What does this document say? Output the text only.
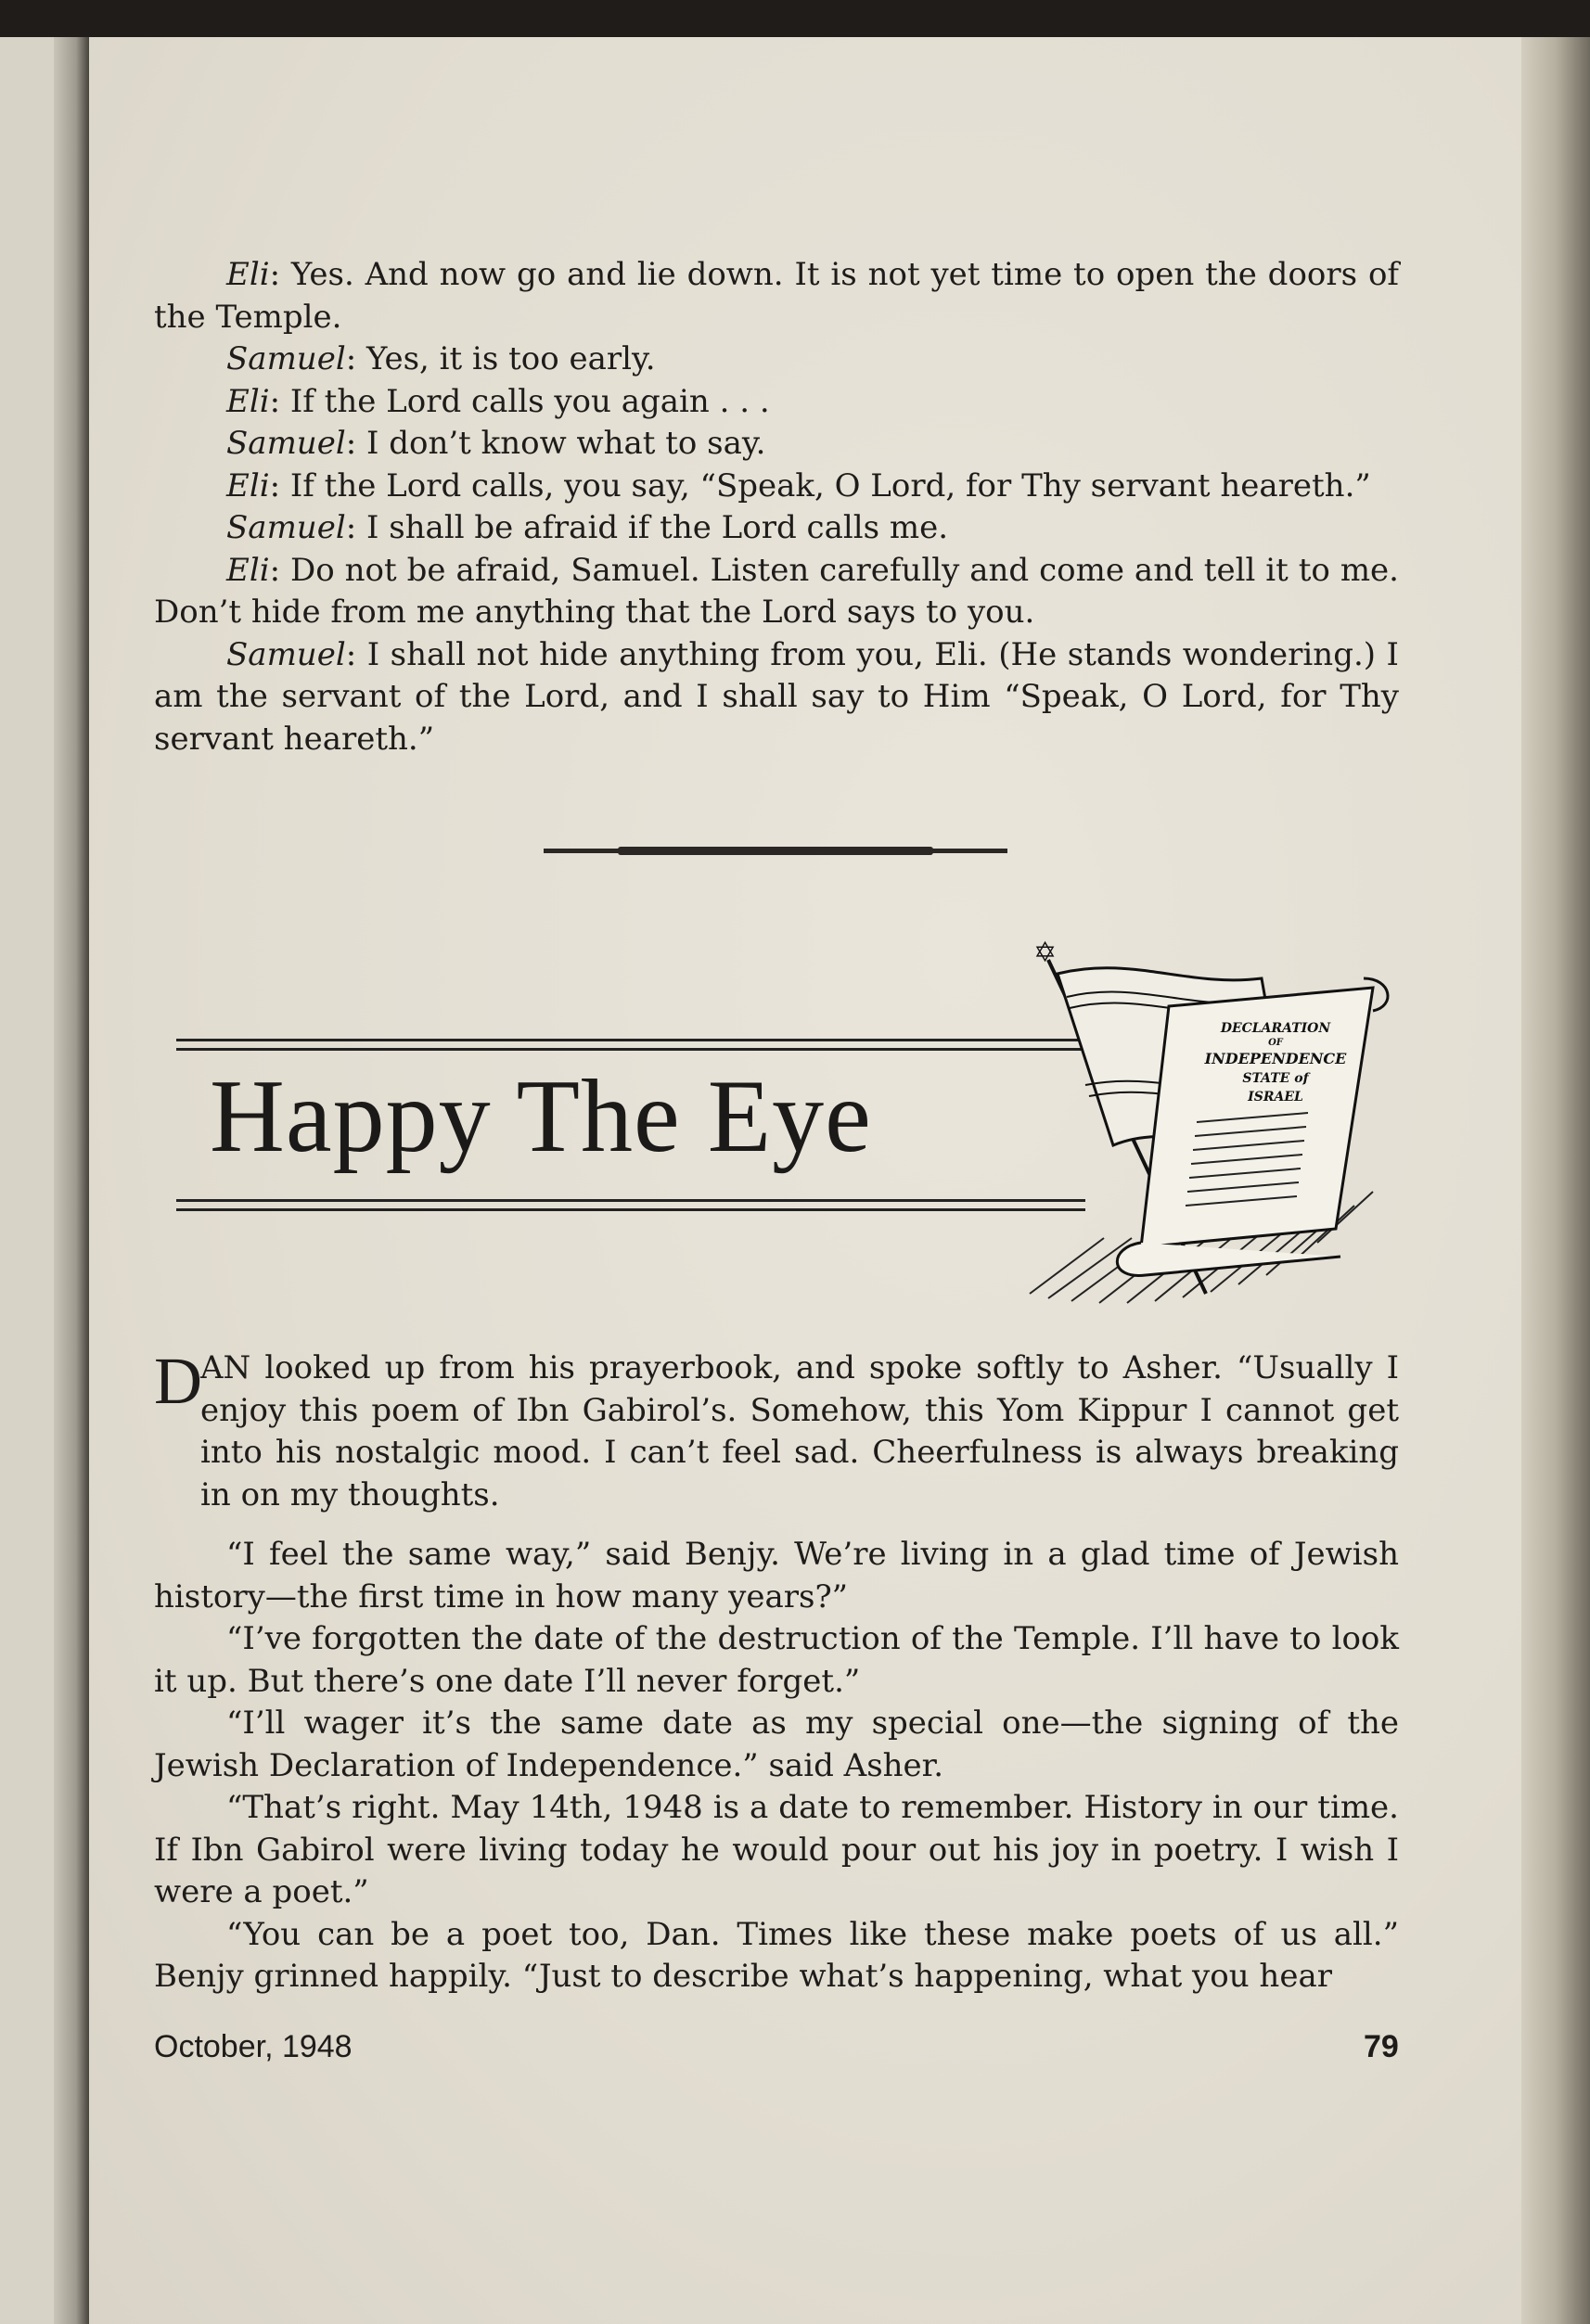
Eli: Yes. And now go and lie down. It is not yet time to open the doors of the Temple.

Samuel: Yes, it is too early.

Eli: If the Lord calls you again . . .

Samuel: I don’t know what to say.

Eli: If the Lord calls, you say, “Speak, O Lord, for Thy servant heareth.”

Samuel: I shall be afraid if the Lord calls me.

Eli: Do not be afraid, Samuel. Listen carefully and come and tell it to me. Don’t hide from me anything that the Lord says to you.

Samuel: I shall not hide anything from you, Eli. (He stands wondering.) I am the servant of the Lord, and I shall say to Him “Speak, O Lord, for Thy servant heareth.”

Happy The Eye
✡
DECLARATION
OF
INDEPENDENCE
STATE of
ISRAEL
D

AN looked up from his prayerbook, and spoke softly to Asher. “Usually I enjoy this poem of Ibn Gabirol’s. Somehow, this Yom Kippur I cannot get into his nostalgic mood. I can’t feel sad. Cheerfulness is always breaking in on my thoughts.

“I feel the same way,” said Benjy. We’re living in a glad time of Jewish history—the first time in how many years?”

“I’ve forgotten the date of the destruction of the Temple. I’ll have to look it up. But there’s one date I’ll never forget.”

“I’ll wager it’s the same date as my special one—the signing of the Jewish Declaration of Independence.” said Asher.

“That’s right. May 14th, 1948 is a date to remember. History in our time. If Ibn Gabirol were living today he would pour out his joy in poetry. I wish I were a poet.”

“You can be a poet too, Dan. Times like these make poets of us all.” Benjy grinned happily. “Just to describe what’s happening, what you hear

October, 1948	79
